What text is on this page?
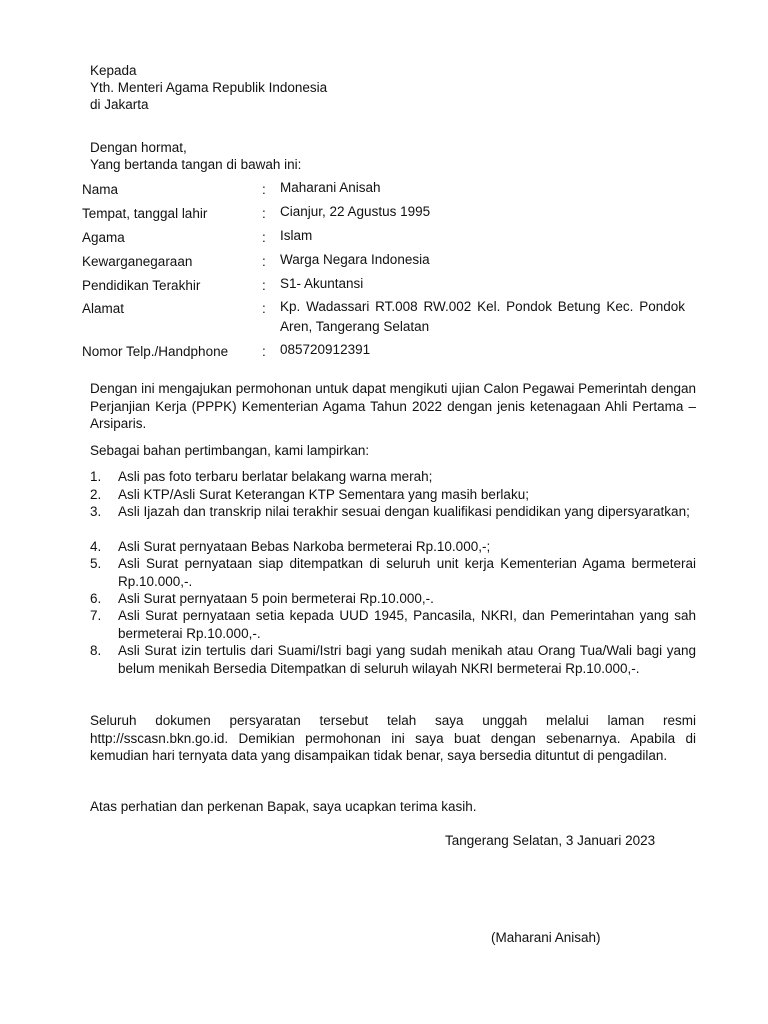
Kepada
Yth. Menteri Agama Republik Indonesia
di Jakarta
Dengan hormat,
Yang bertanda tangan di bawah ini:
Nama	: Maharani Anisah
Tempat, tanggal lahir	: Cianjur, 22 Agustus 1995
Agama	: Islam
Kewarganegaraan	: Warga Negara Indonesia
Pendidikan Terakhir	: S1- Akuntansi
Alamat	: Kp. Wadassari RT.008 RW.002 Kel. Pondok Betung Kec. Pondok Aren, Tangerang Selatan
Nomor Telp./Handphone	: 085720912391
Dengan ini mengajukan permohonan untuk dapat mengikuti ujian Calon Pegawai Pemerintah dengan Perjanjian Kerja (PPPK) Kementerian Agama Tahun 2022 dengan jenis ketenagaan Ahli Pertama – Arsiparis.
Sebagai bahan pertimbangan, kami lampirkan:
1. Asli pas foto terbaru berlatar belakang warna merah;
2. Asli KTP/Asli Surat Keterangan KTP Sementara yang masih berlaku;
3. Asli Ijazah dan transkrip nilai terakhir sesuai dengan kualifikasi pendidikan yang dipersyaratkan;
4. Asli Surat pernyataan Bebas Narkoba bermeterai Rp.10.000,-;
5. Asli Surat pernyataan siap ditempatkan di seluruh unit kerja Kementerian Agama bermeterai Rp.10.000,-.
6. Asli Surat pernyataan 5 poin bermeterai Rp.10.000,-.
7. Asli Surat pernyataan setia kepada UUD 1945, Pancasila, NKRI, dan Pemerintahan yang sah bermeterai Rp.10.000,-.
8. Asli Surat izin tertulis dari Suami/Istri bagi yang sudah menikah atau Orang Tua/Wali bagi yang belum menikah Bersedia Ditempatkan di seluruh wilayah NKRI bermeterai Rp.10.000,-.
Seluruh dokumen persyaratan tersebut telah saya unggah melalui laman resmi http://sscasn.bkn.go.id. Demikian permohonan ini saya buat dengan sebenarnya. Apabila di kemudian hari ternyata data yang disampaikan tidak benar, saya bersedia dituntut di pengadilan.
Atas perhatian dan perkenan Bapak, saya ucapkan terima kasih.
Tangerang Selatan, 3 Januari 2023
(Maharani Anisah)
